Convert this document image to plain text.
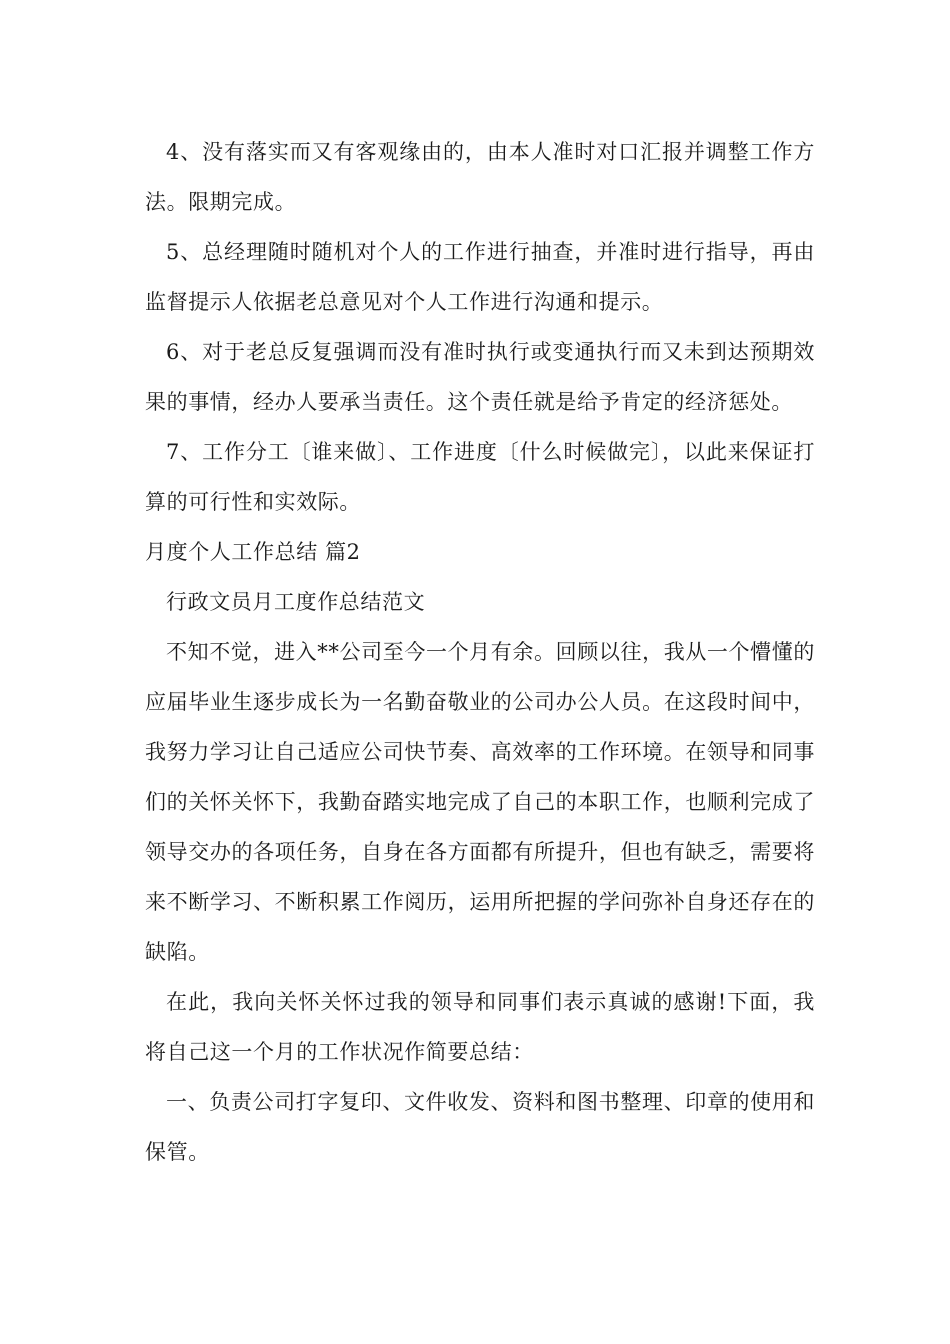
4、没有落实而又有客观缘由的，由本人准时对口汇报并调整工作方法。限期完成。

5、总经理随时随机对个人的工作进行抽查，并准时进行指导，再由监督提示人依据老总意见对个人工作进行沟通和提示。

6、对于老总反复强调而没有准时执行或变通执行而又未到达预期效果的事情，经办人要承当责任。这个责任就是给予肯定的经济惩处。

7、工作分工〔谁来做〕、工作进度〔什么时候做完〕，以此来保证打算的可行性和实效际。

月度个人工作总结 篇2

行政文员月工度作总结范文

不知不觉，进入**公司至今一个月有余。回顾以往，我从一个懵懂的应届毕业生逐步成长为一名勤奋敬业的公司办公人员。在这段时间中，我努力学习让自己适应公司快节奏、高效率的工作环境。在领导和同事们的关怀关怀下，我勤奋踏实地完成了自己的本职工作，也顺利完成了领导交办的各项任务，自身在各方面都有所提升，但也有缺乏，需要将来不断学习、不断积累工作阅历，运用所把握的学问弥补自身还存在的缺陷。

在此，我向关怀关怀过我的领导和同事们表示真诚的感谢!下面，我将自己这一个月的工作状况作简要总结：

一、负责公司打字复印、文件收发、资料和图书整理、印章的使用和保管。
